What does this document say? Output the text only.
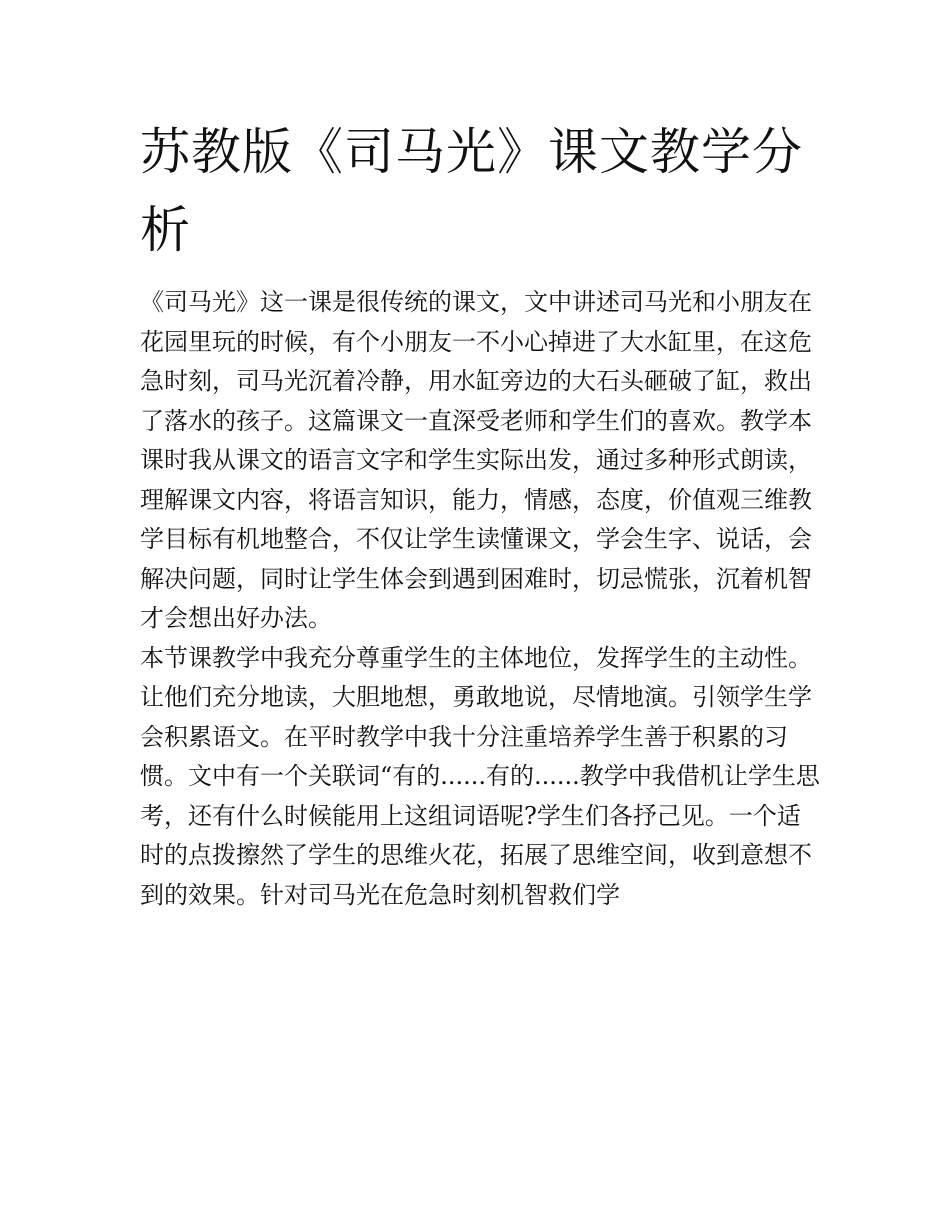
苏教版《司马光》课文教学分析

《司马光》这一课是很传统的课文，文中讲述司马光和小朋友在花园里玩的时候，有个小朋友一不小心掉进了大水缸里，在这危急时刻，司马光沉着冷静，用水缸旁边的大石头砸破了缸，救出了落水的孩子。这篇课文一直深受老师和学生们的喜欢。教学本课时我从课文的语言文字和学生实际出发，通过多种形式朗读，理解课文内容，将语言知识，能力，情感，态度，价值观三维教学目标有机地整合，不仅让学生读懂课文，学会生字、说话，会解决问题，同时让学生体会到遇到困难时，切忌慌张，沉着机智才会想出好办法。

本节课教学中我充分尊重学生的主体地位，发挥学生的主动性。让他们充分地读，大胆地想，勇敢地说，尽情地演。引领学生学会积累语文。在平时教学中我十分注重培养学生善于积累的习惯。文中有一个关联词“有的......有的......教学中我借机让学生思考，还有什么时候能用上这组词语呢?学生们各抒己见。一个适时的点拨擦然了学生的思维火花，拓展了思维空间，收到意想不到的效果。针对司马光在危急时刻机智救们学
